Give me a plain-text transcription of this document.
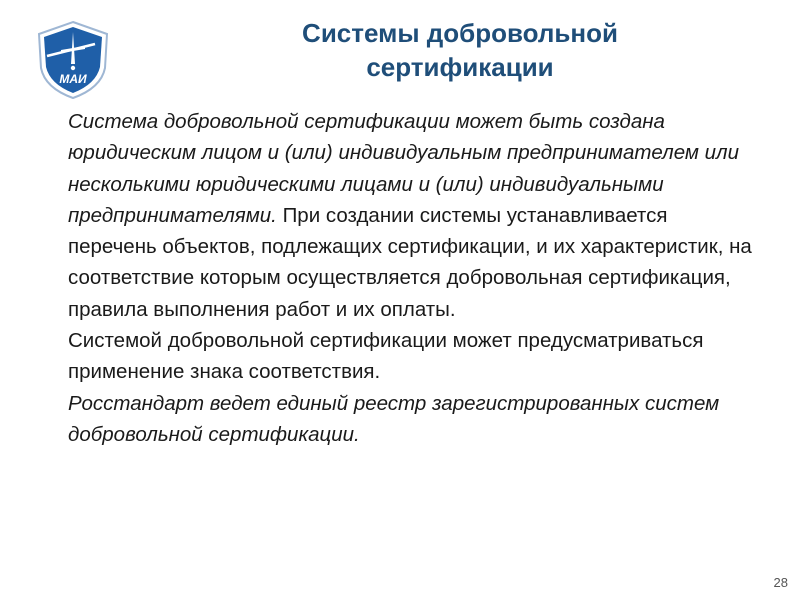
МАИ
Системы добровольной
сертификации

Система добровольной сертификации может быть создана юридическим лицом и (или) индивидуальным предпринимателем или несколькими юридическими лицами и (или) индивидуальными предпринимателями. При создании системы устанавливается перечень объектов, подлежащих сертификации, и их характеристик, на соответствие которым осуществляется добровольная сертификация, правила выполнения работ и их оплаты.

Системой добровольной сертификации может предусматриваться применение знака соответствия.

Росстандарт ведет единый реестр зарегистрированных систем добровольной сертификации.

28
